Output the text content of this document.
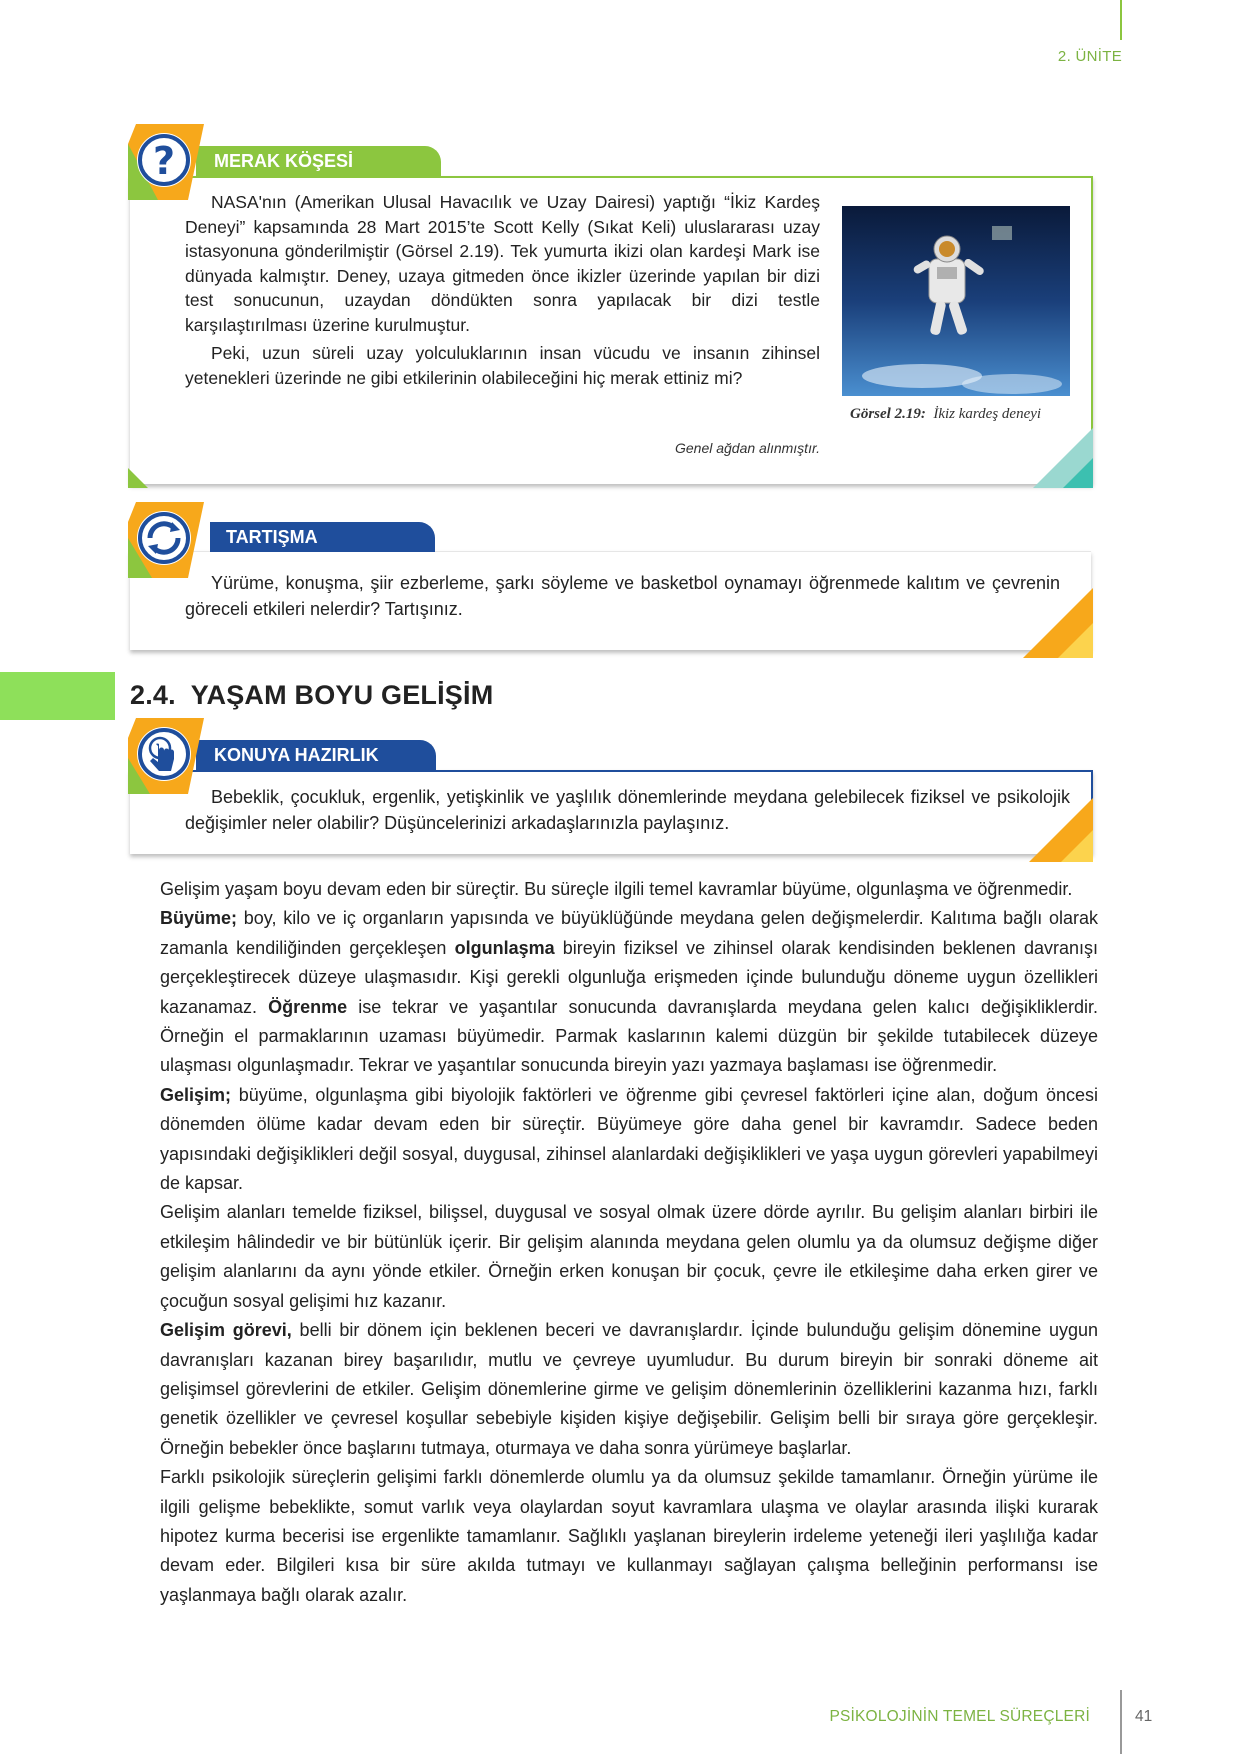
2. ÜNİTE

NASA'nın (Amerikan Ulusal Havacılık ve Uzay Dairesi) yaptığı “İkiz Kardeş Deneyi” kapsamında 28 Mart 2015’te Scott Kelly (Sıkat Keli) uluslararası uzay istasyonuna gönderilmiştir (Görsel 2.19). Tek yumurta ikizi olan kardeşi Mark ise dünyada kalmıştır. Deney, uzaya gitmeden önce ikizler üzerinde yapılan bir dizi test sonucunun, uzaydan döndükten sonra yapılacak bir dizi testle karşılaştırılması üzerine kurulmuştur.

Peki, uzun süreli uzay yolculuklarının insan vücudu ve insanın zihinsel yetenekleri üzerinde ne gibi etkilerinin olabileceğini hiç merak ettiniz mi?

Görsel 2.19: İkiz kardeş deneyi
Genel ağdan alınmıştır.
MERAK KÖŞESİ
?

Yürüme, konuşma, şiir ezberleme, şarkı söyleme ve basketbol oynamayı öğrenmede kalıtım ve çevrenin göreceli etkileri nelerdir? Tartışınız.

TARTIŞMA
2.4. YAŞAM BOYU GELİŞİM

Bebeklik, çocukluk, ergenlik, yetişkinlik ve yaşlılık dönemlerinde meydana gelebilecek fiziksel ve psikolojik değişimler neler olabilir? Düşüncelerinizi arkadaşlarınızla paylaşınız.

KONUYA HAZIRLIK

Gelişim yaşam boyu devam eden bir süreçtir. Bu süreçle ilgili temel kavramlar büyüme, olgunlaşma ve öğrenmedir.

Büyüme; boy, kilo ve iç organların yapısında ve büyüklüğünde meydana gelen değişmelerdir. Kalıtıma bağlı olarak zamanla kendiliğinden gerçekleşen olgunlaşma bireyin fiziksel ve zihinsel olarak kendisinden beklenen davranışı gerçekleştirecek düzeye ulaşmasıdır. Kişi gerekli olgunluğa erişmeden içinde bulunduğu döneme uygun özellikleri kazanamaz. Öğrenme ise tekrar ve yaşantılar sonucunda davranışlarda meydana gelen kalıcı değişikliklerdir. Örneğin el parmaklarının uzaması büyümedir. Parmak kaslarının kalemi düzgün bir şekilde tutabilecek düzeye ulaşması olgunlaşmadır. Tekrar ve yaşantılar sonucunda bireyin yazı yazmaya başlaması ise öğrenmedir.

Gelişim; büyüme, olgunlaşma gibi biyolojik faktörleri ve öğrenme gibi çevresel faktörleri içine alan, doğum öncesi dönemden ölüme kadar devam eden bir süreçtir. Büyümeye göre daha genel bir kavramdır. Sadece beden yapısındaki değişiklikleri değil sosyal, duygusal, zihinsel alanlardaki değişiklikleri ve yaşa uygun görevleri yapabilmeyi de kapsar.

Gelişim alanları temelde fiziksel, bilişsel, duygusal ve sosyal olmak üzere dörde ayrılır. Bu gelişim alanları birbiri ile etkileşim hâlindedir ve bir bütünlük içerir. Bir gelişim alanında meydana gelen olumlu ya da olumsuz değişme diğer gelişim alanlarını da aynı yönde etkiler. Örneğin erken konuşan bir çocuk, çevre ile etkileşime daha erken girer ve çocuğun sosyal gelişimi hız kazanır.

Gelişim görevi, belli bir dönem için beklenen beceri ve davranışlardır. İçinde bulunduğu gelişim dönemine uygun davranışları kazanan birey başarılıdır, mutlu ve çevreye uyumludur. Bu durum bireyin bir sonraki döneme ait gelişimsel görevlerini de etkiler. Gelişim dönemlerine girme ve gelişim dönemlerinin özelliklerini kazanma hızı, farklı genetik özellikler ve çevresel koşullar sebebiyle kişiden kişiye değişebilir. Gelişim belli bir sıraya göre gerçekleşir. Örneğin bebekler önce başlarını tutmaya, oturmaya ve daha sonra yürümeye başlarlar.

Farklı psikolojik süreçlerin gelişimi farklı dönemlerde olumlu ya da olumsuz şekilde tamamlanır. Örneğin yürüme ile ilgili gelişme bebeklikte, somut varlık veya olaylardan soyut kavramlara ulaşma ve olaylar arasında ilişki kurarak hipotez kurma becerisi ise ergenlikte tamamlanır. Sağlıklı yaşlanan bireylerin irdeleme yeteneği ileri yaşlılığa kadar devam eder. Bilgileri kısa bir süre akılda tutmayı ve kullanmayı sağlayan çalışma belleğinin performansı ise yaşlanmaya bağlı olarak azalır.

PSİKOLOJİNİN TEMEL SÜREÇLERİ	41
